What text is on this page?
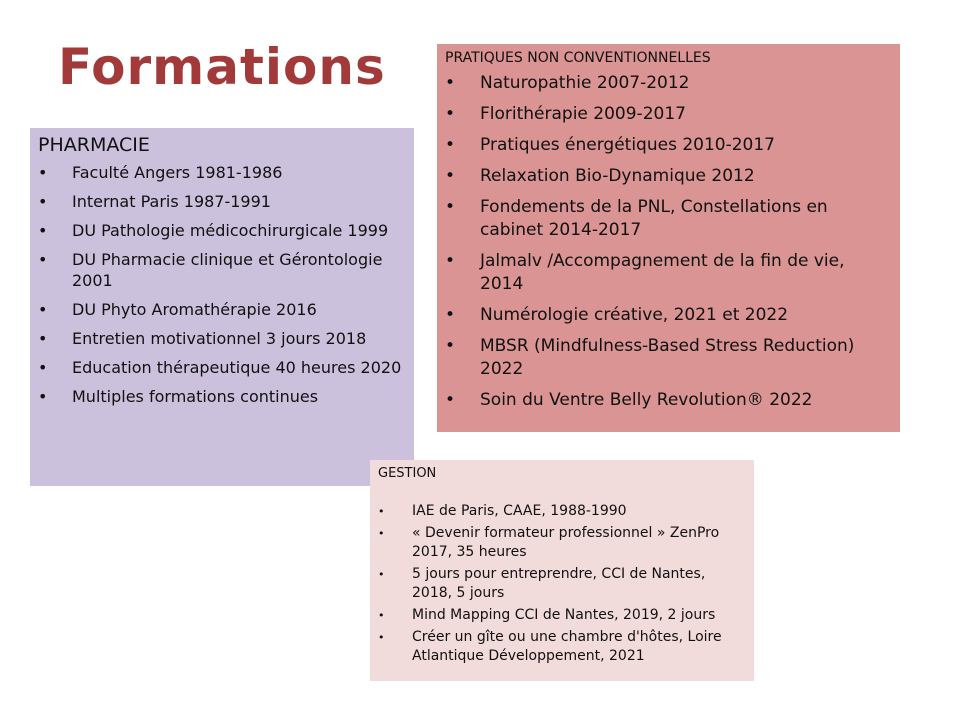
Formations
PHARMACIE
• Faculté Angers 1981-1986
• Internat Paris 1987-1991
• DU Pathologie médicochirurgicale 1999
• DU Pharmacie clinique et Gérontologie 2001
• DU Phyto Aromathérapie 2016
• Entretien motivationnel 3 jours 2018
• Education thérapeutique 40 heures 2020
• Multiples formations continues
PRATIQUES NON CONVENTIONNELLES
• Naturopathie 2007-2012
• Florithérapie 2009-2017
• Pratiques énergétiques 2010-2017
• Relaxation Bio-Dynamique 2012
• Fondements de la PNL, Constellations en cabinet 2014-2017
• Jalmalv /Accompagnement de la fin de vie, 2014
• Numérologie créative, 2021 et 2022
• MBSR (Mindfulness-Based Stress Reduction) 2022
• Soin du Ventre Belly Revolution® 2022
GESTION
• IAE de Paris, CAAE, 1988-1990
• « Devenir formateur professionnel » ZenPro 2017, 35 heures
• 5 jours pour entreprendre, CCI de Nantes, 2018, 5 jours
• Mind Mapping CCI de Nantes, 2019, 2 jours
• Créer un gîte ou une chambre d'hôtes, Loire Atlantique Développement, 2021
